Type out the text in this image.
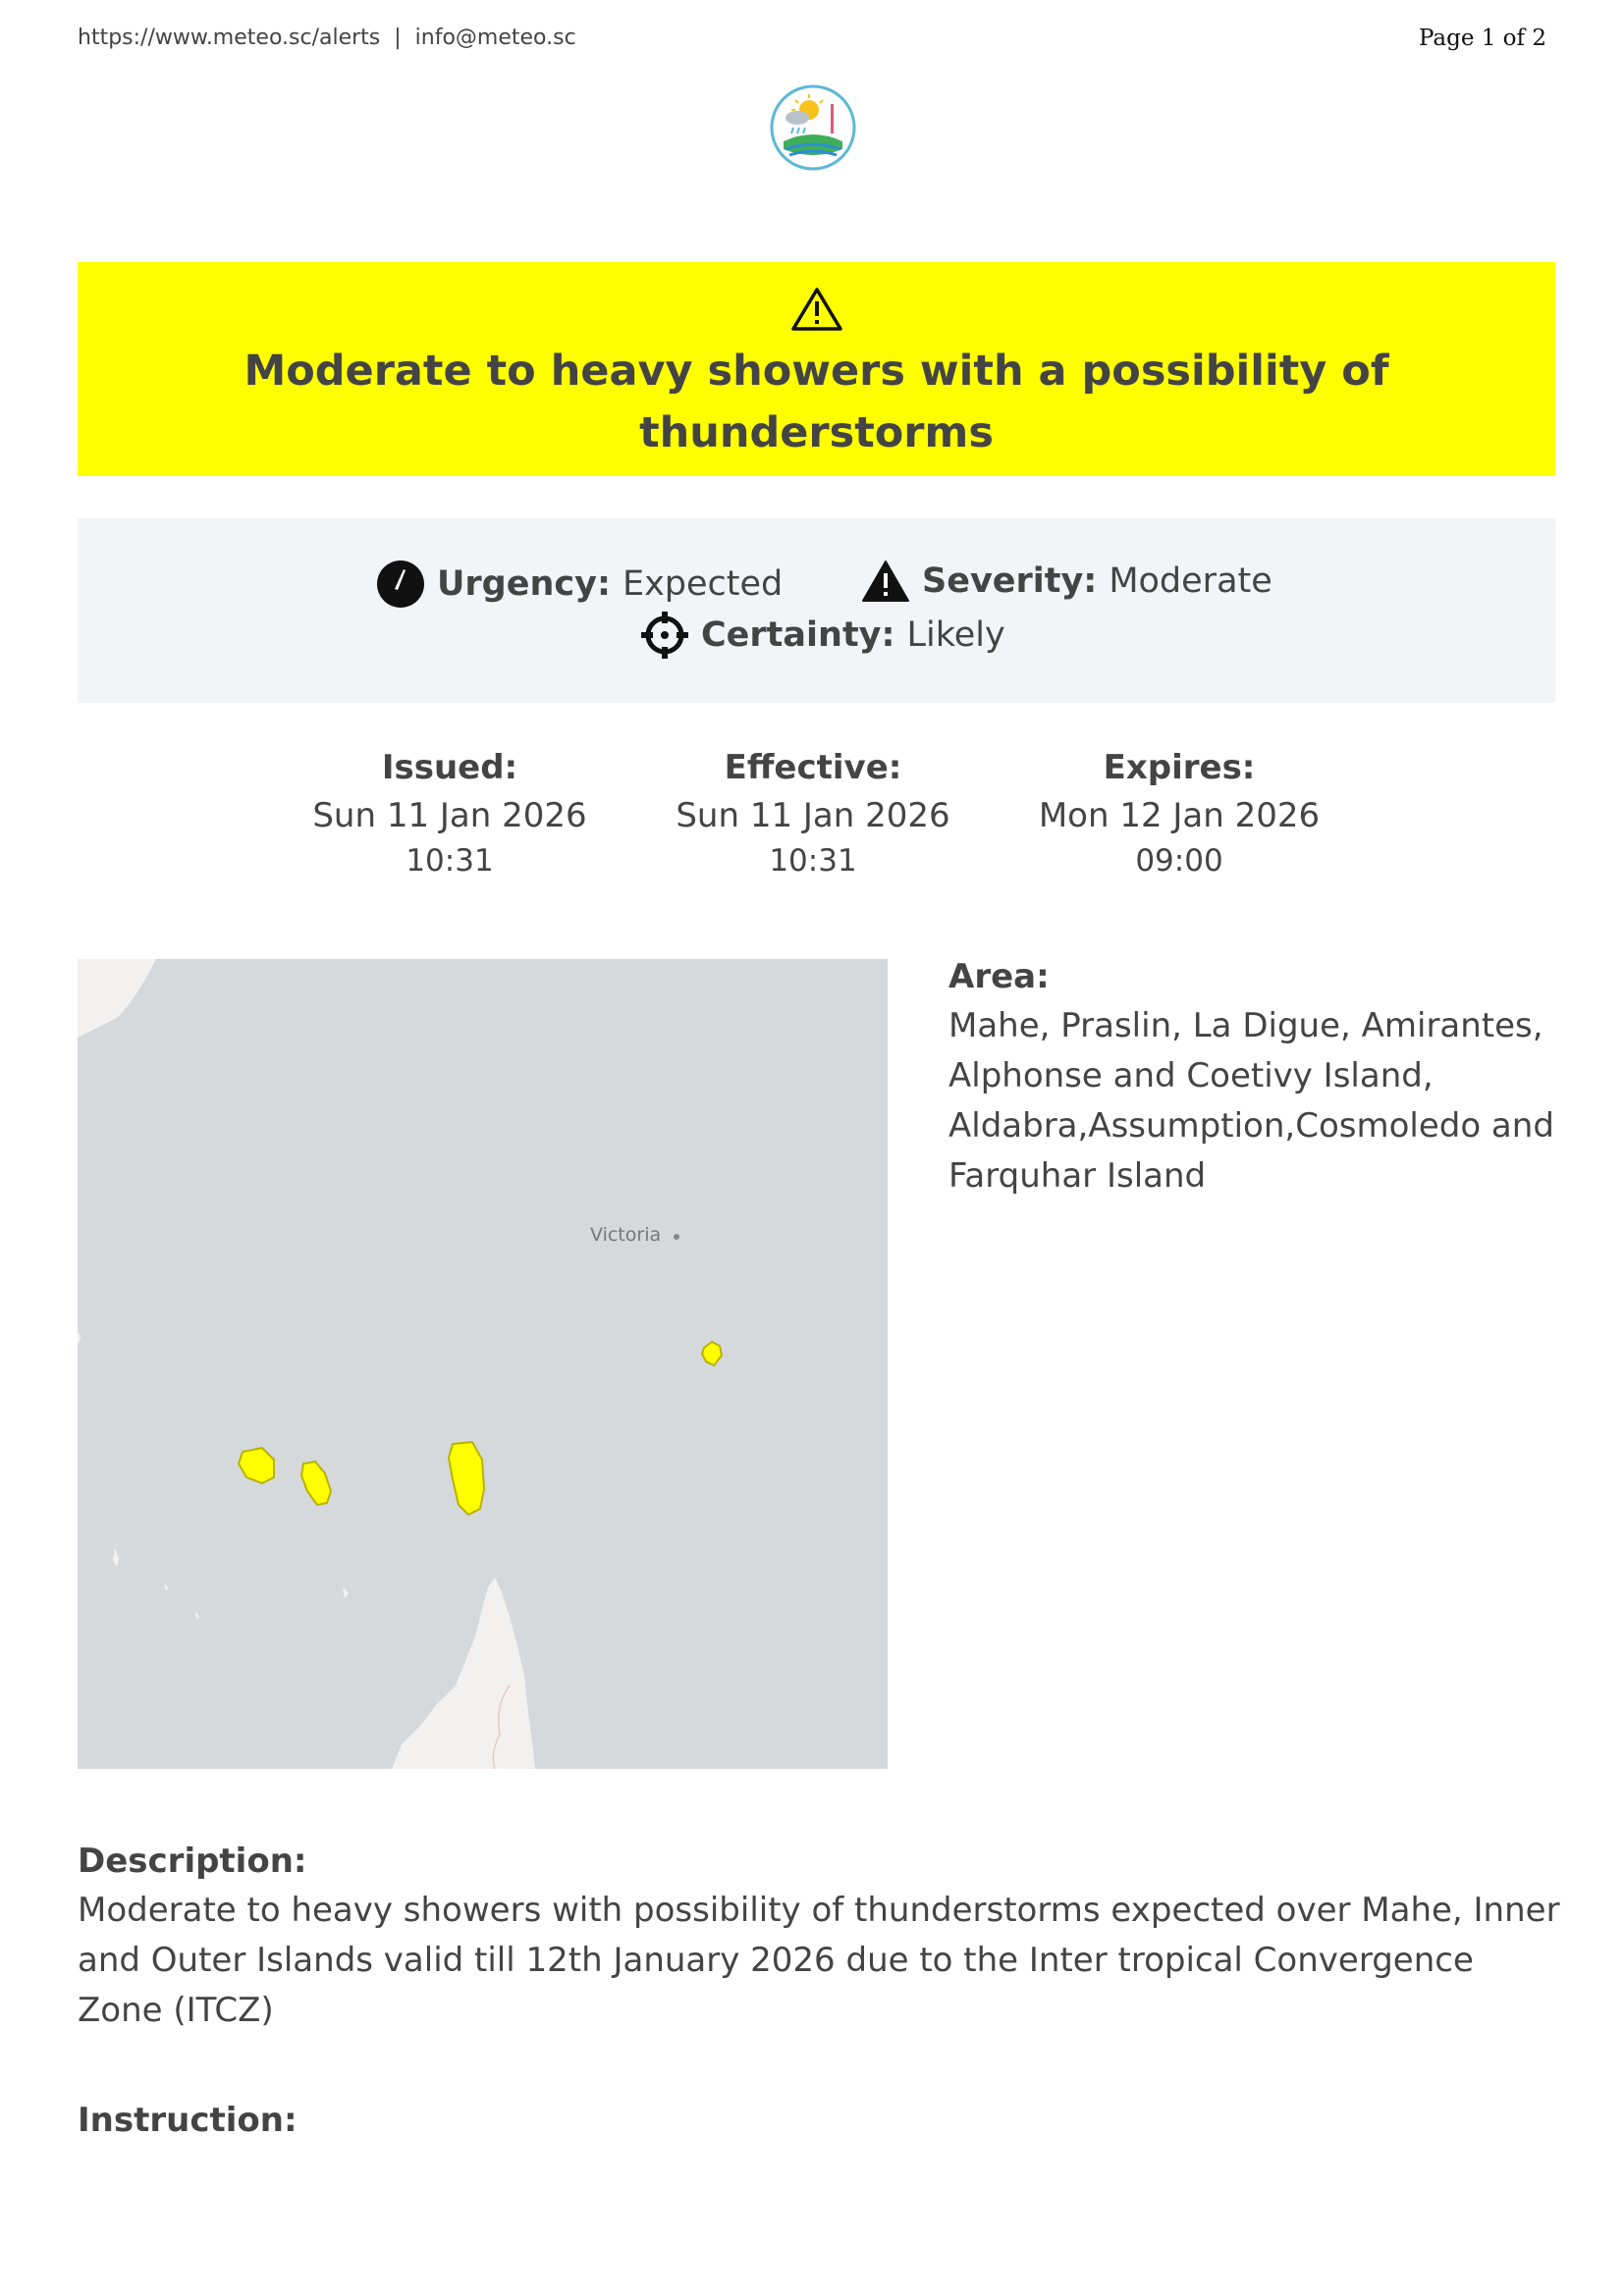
https://www.meteo.sc/alerts  |  info@meteo.sc	Page 1 of 2
Moderate to heavy showers with a possibility of thunderstorms
Urgency: Expected	Severity: Moderate
Certainty: Likely
Issued:
Sun 11 Jan 2026
10:31
Effective:
Sun 11 Jan 2026
10:31
Expires:
Mon 12 Jan 2026
09:00
Victoria
Area:
Mahe, Praslin, La Digue, Amirantes, Alphonse and Coetivy Island, Aldabra,Assumption,Cosmoledo and Farquhar Island
Description:
Moderate to heavy showers with possibility of thunderstorms expected over Mahe, Inner and Outer Islands valid till 12th January 2026 due to the Inter tropical Convergence Zone (ITCZ)
Instruction:
